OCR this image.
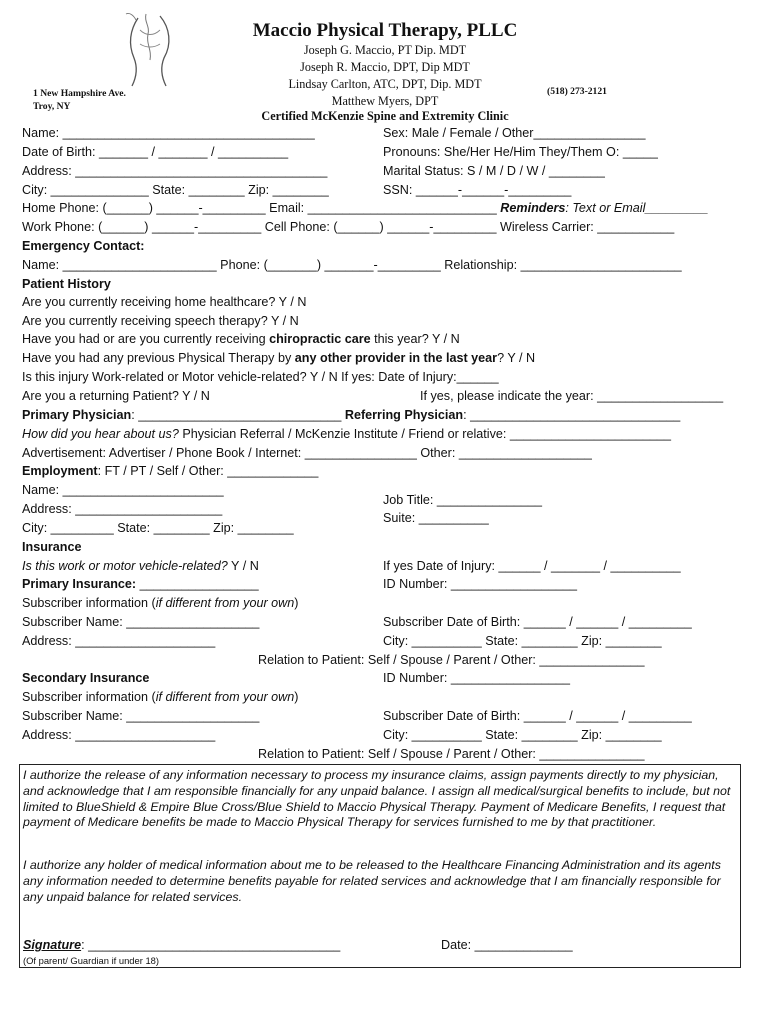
Maccio Physical Therapy, PLLC
Joseph G. Maccio, PT Dip. MDT
Joseph R. Maccio, DPT, Dip MDT
Lindsay Carlton, ATC, DPT, Dip. MDT
Matthew Myers, DPT
1 New Hampshire Ave.
Troy, NY
(518) 273-2121
Certified McKenzie Spine and Extremity Clinic
Name: ____________________________________	Sex: Male / Female / Other________________
Date of Birth: _______ / _______ / __________	Pronouns: She/Her He/Him They/Them O: _____
Address: ____________________________________	Marital Status: S / M / D / W / ________
City: ______________ State: ________ Zip: ________	SSN: ______-______-_________
Home Phone: (______) ______-_________ Email: ___________________________ Reminders: Text or Email_________
Work Phone: (______) ______-_________ Cell Phone: (______) ______-_________ Wireless Carrier: ___________
Emergency Contact:
Name: ______________________ Phone: (_______) _______-_________ Relationship: _______________________
Patient History
Are you currently receiving home healthcare? Y / N
Are you currently receiving speech therapy? Y / N
Have you had or are you currently receiving chiropractic care this year? Y / N
Have you had any previous Physical Therapy by any other provider in the last year? Y / N
Is this injury Work-related or Motor vehicle-related? Y / N If yes: Date of Injury:______
Are you a returning Patient? Y / N	If yes, please indicate the year: __________________
Primary Physician: _____________________________ Referring Physician: ______________________________
How did you hear about us? Physician Referral / McKenzie Institute / Friend or relative: _______________________
Advertisement: Advertiser / Phone Book / Internet: ________________ Other: ___________________
Employment: FT / PT / Self / Other: _____________
Name: _______________________
Address: _____________________
City: _________ State: ________ Zip: ________
Job Title: _______________
Suite: __________
Insurance
Is this work or motor vehicle-related? Y / N	If yes Date of Injury: ______ / _______ / __________
Primary Insurance: _________________	ID Number: __________________
Subscriber information (if different from your own)
Subscriber Name: ___________________	Subscriber Date of Birth: ______ / ______ / _________
Address: ____________________	City: __________ State: ________ Zip: ________
Relation to Patient: Self / Spouse / Parent / Other: _______________
Secondary Insurance	ID Number: _________________
Subscriber information (if different from your own)
Subscriber Name: ___________________	Subscriber Date of Birth: ______ / ______ / _________
Address: ____________________	City: __________ State: ________ Zip: ________
Relation to Patient: Self / Spouse / Parent / Other: _______________
I authorize the release of any information necessary to process my insurance claims, assign payments directly to my physician, and acknowledge that I am responsible financially for any unpaid balance. I assign all medical/surgical benefits to include, but not limited to BlueShield & Empire Blue Cross/Blue Shield to Maccio Physical Therapy. Payment of Medicare Benefits, I request that payment of Medicare benefits be made to Maccio Physical Therapy for services furnished to me by that practitioner.
I authorize any holder of medical information about me to be released to the Healthcare Financing Administration and its agents any information needed to determine benefits payable for related services and acknowledge that I am financially responsible for any unpaid balance for related services.
Signature: ____________________________________	Date: ______________
(Of parent/ Guardian if under 18)
